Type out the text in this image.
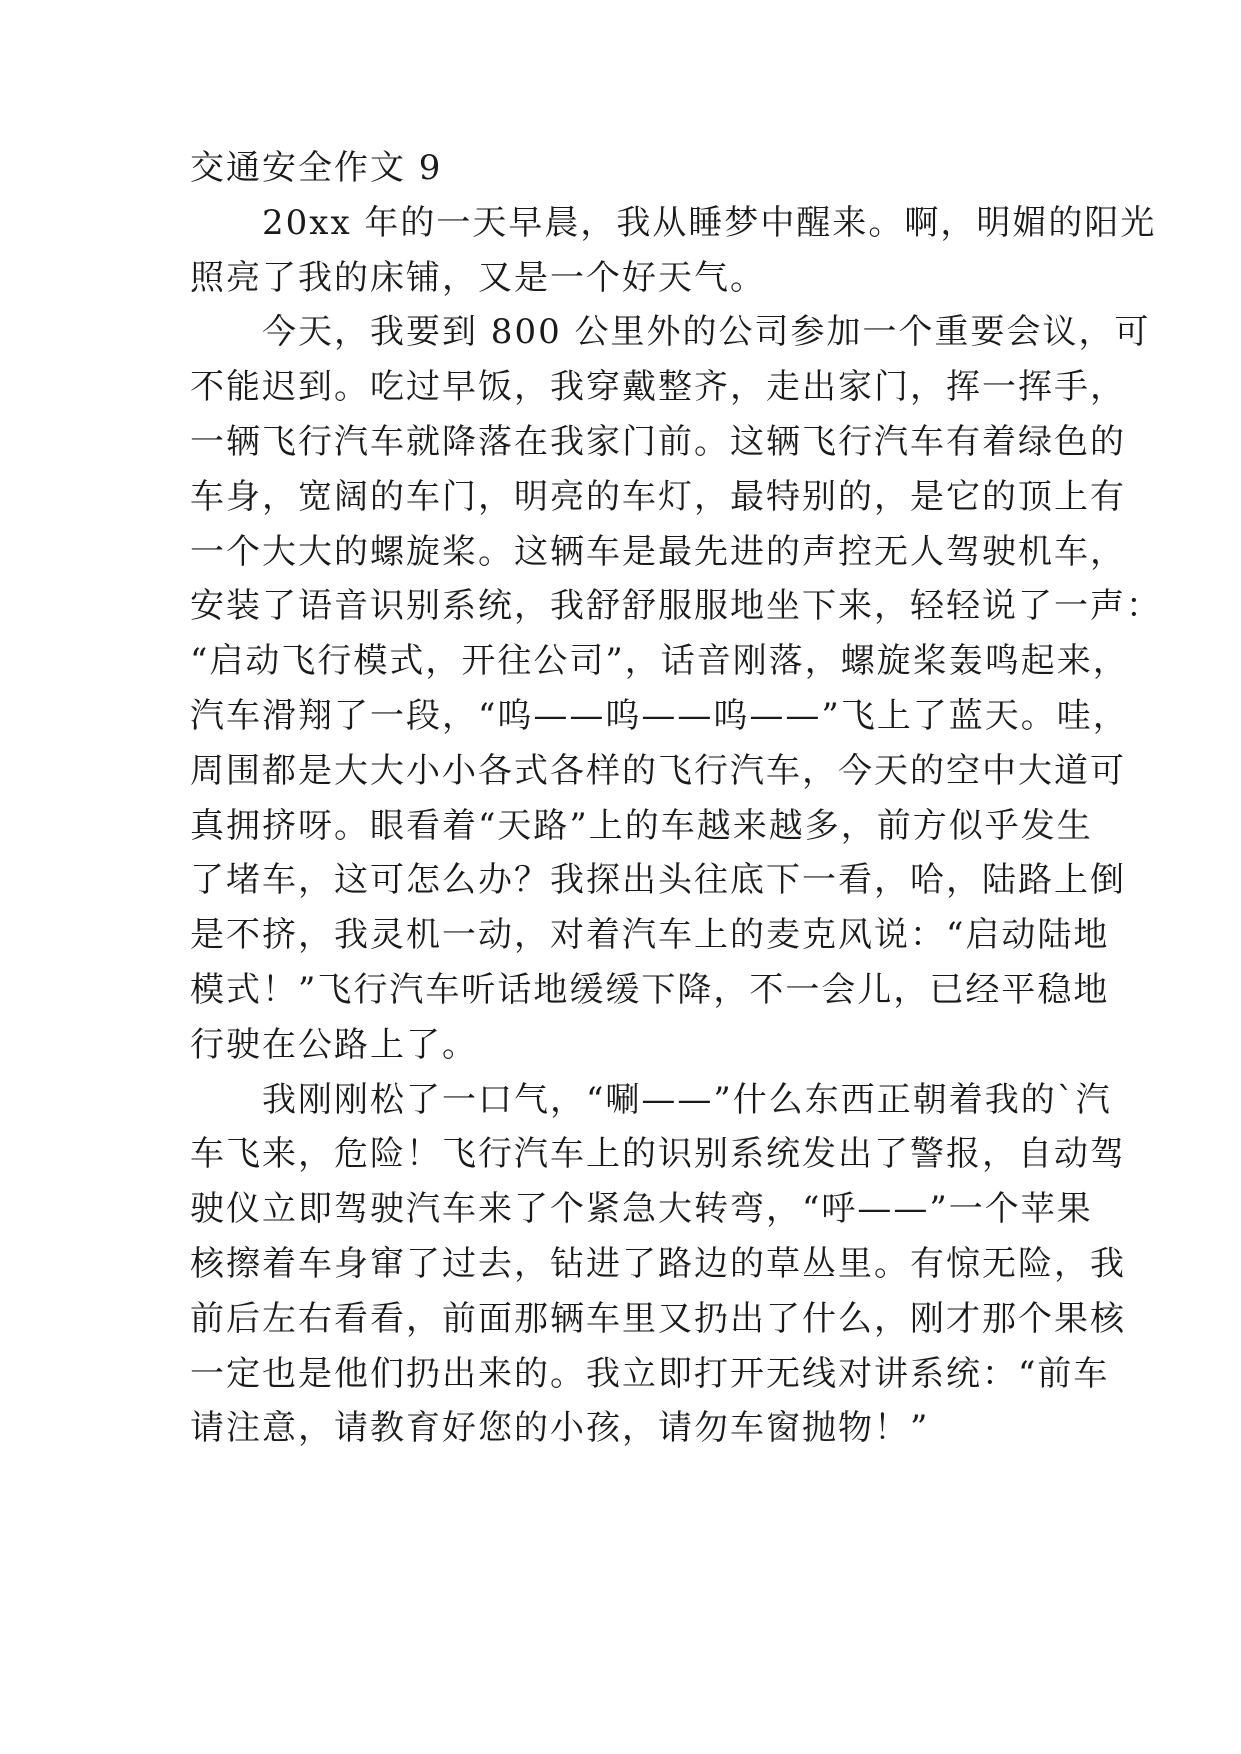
交通安全作文 9
　　20xx 年的一天早晨，我从睡梦中醒来。啊，明媚的阳光
照亮了我的床铺，又是一个好天气。
　　今天，我要到 800 公里外的公司参加一个重要会议，可
不能迟到。吃过早饭，我穿戴整齐，走出家门，挥一挥手，
一辆飞行汽车就降落在我家门前。这辆飞行汽车有着绿色的
车身，宽阔的车门，明亮的车灯，最特别的，是它的顶上有
一个大大的螺旋桨。这辆车是最先进的声控无人驾驶机车，
安装了语音识别系统，我舒舒服服地坐下来，轻轻说了一声：
“启动飞行模式，开往公司”，话音刚落，螺旋桨轰鸣起来，
汽车滑翔了一段，“呜——呜——呜——”飞上了蓝天。哇，
周围都是大大小小各式各样的飞行汽车，今天的空中大道可
真拥挤呀。眼看着“天路”上的车越来越多，前方似乎发生
了堵车，这可怎么办？我探出头往底下一看，哈，陆路上倒
是不挤，我灵机一动，对着汽车上的麦克风说：“启动陆地
模式！”飞行汽车听话地缓缓下降，不一会儿，已经平稳地
行驶在公路上了。
　　我刚刚松了一口气，“唰——”什么东西正朝着我的`汽
车飞来，危险！飞行汽车上的识别系统发出了警报，自动驾
驶仪立即驾驶汽车来了个紧急大转弯，“呼——”一个苹果
核擦着车身窜了过去，钻进了路边的草丛里。有惊无险，我
前后左右看看，前面那辆车里又扔出了什么，刚才那个果核
一定也是他们扔出来的。我立即打开无线对讲系统：“前车
请注意，请教育好您的小孩，请勿车窗抛物！”
